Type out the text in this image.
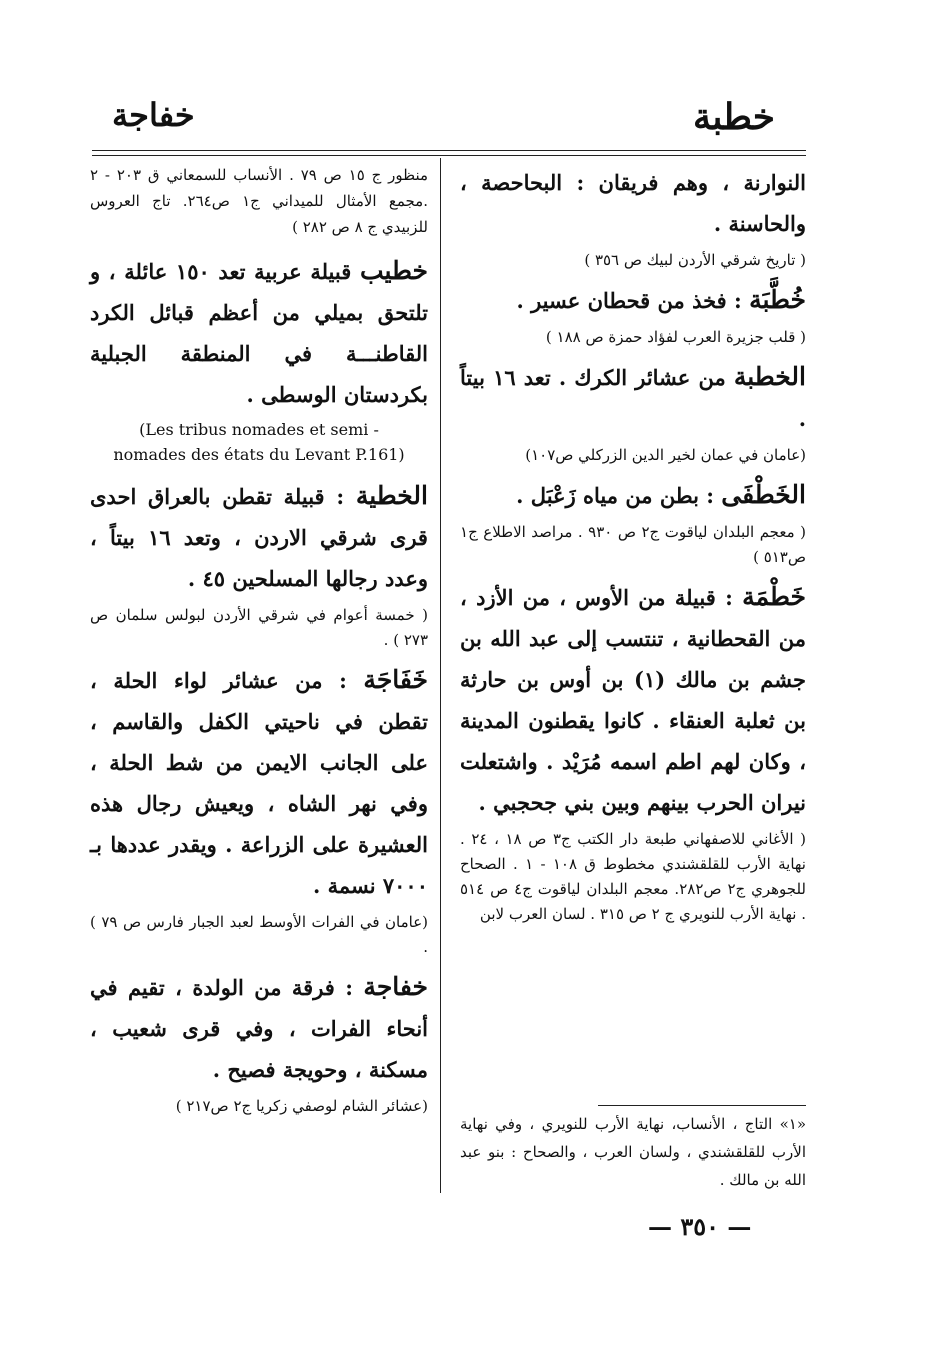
خطبة
خفاجة

النوارنة ، وهم فريقان : البحاحصة ، والحاسنة .

( تاريخ شرقي الأردن لبيك ص ٣٥٦ )

خُطَّبَة : فخذ من قحطان عسير .

( قلب جزيرة العرب لفؤاد حمزة ص ١٨٨ )

الخطبة من عشائر الكرك . تعد ١٦ بيتاً .

(عامان في عمان لخير الدين الزركلي ص١٠٧)

الخَطْفَى : بطن من مياه زَعْبَل .

( معجم البلدان لياقوت ج٢ ص ٩٣٠ . مراصد الاطلاع ج١ ص٥١٣ )

خَطْمَة : قبيلة من الأوس ، من الأزد ، من القحطانية ، تنتسب إلى عبد الله بن جشم بن مالك (١) بن أوس بن حارثة بن ثعلبة العنقاء . كانوا يقطنون المدينة ، وكان لهم اطم اسمه مُرَيْد . واشتعلت نيران الحرب بينهم وبين بني جحجبي .

( الأغاني للاصفهاني طبعة دار الكتب ج٣ ص ١٨ ، ٢٤ . نهاية الأرب للقلقشندي مخطوط ق ١٠٨ - ١ . الصحاح للجوهري ج٢ ص٢٨٢. معجم البلدان لياقوت ج٤ ص ٥١٤ . نهاية الأرب للنويري ج ٢ ص ٣١٥ . لسان العرب لابن

منظور ج ١٥ ص ٧٩ . الأنساب للسمعاني ق ٢٠٣ - ٢ .مجمع الأمثال للميداني ج١ ص٢٦٤. تاج العروس للزبيدي ج ٨ ص ٢٨٢ )

خطيب قبيلة عربية تعد ١٥٠ عائلة ، و تلتحق بميلي من أعظم قبائل الكرد القاطنـــة في المنطقة الجبلية بكردستان الوسطى .

(Les tribus nomades et semi -

nomades des états du Levant P.161)

الخطية : قبيلة تقطن بالعراق احدى قرى شرقي الاردن ، وتعد ١٦ بيتاً ، وعدد رجالها المسلحين ٤٥ .

( خمسة أعوام في شرقي الأردن لبولس سلمان ص ٢٧٣ ) .

خَفَاجَة : من عشائر لواء الحلة ، تقطن في ناحيتي الكفل والقاسم ، على الجانب الايمن من شط الحلة ، وفي نهر الشاه ، ويعيش رجال هذه العشيرة على الزراعة . ويقدر عددها بـ ٧٠٠٠ نسمة .

(عامان في الفرات الأوسط لعبد الجبار فارس ص ٧٩ ) .

خفاجة : فرقة من الولدة ، تقيم في أنحاء الفرات ، وفي قرى شعيب ، مسكنة ، وحويجة فصيح .

(عشائر الشام لوصفي زكريا ج٢ ص٢١٧ )

«١» التاج ، الأنساب، نهاية الأرب للنويري ، وفي نهاية الأرب للقلقشندي ، ولسان العرب ، والصحاح : بنو عبد الله بن مالك .
— ٣٥٠ —
